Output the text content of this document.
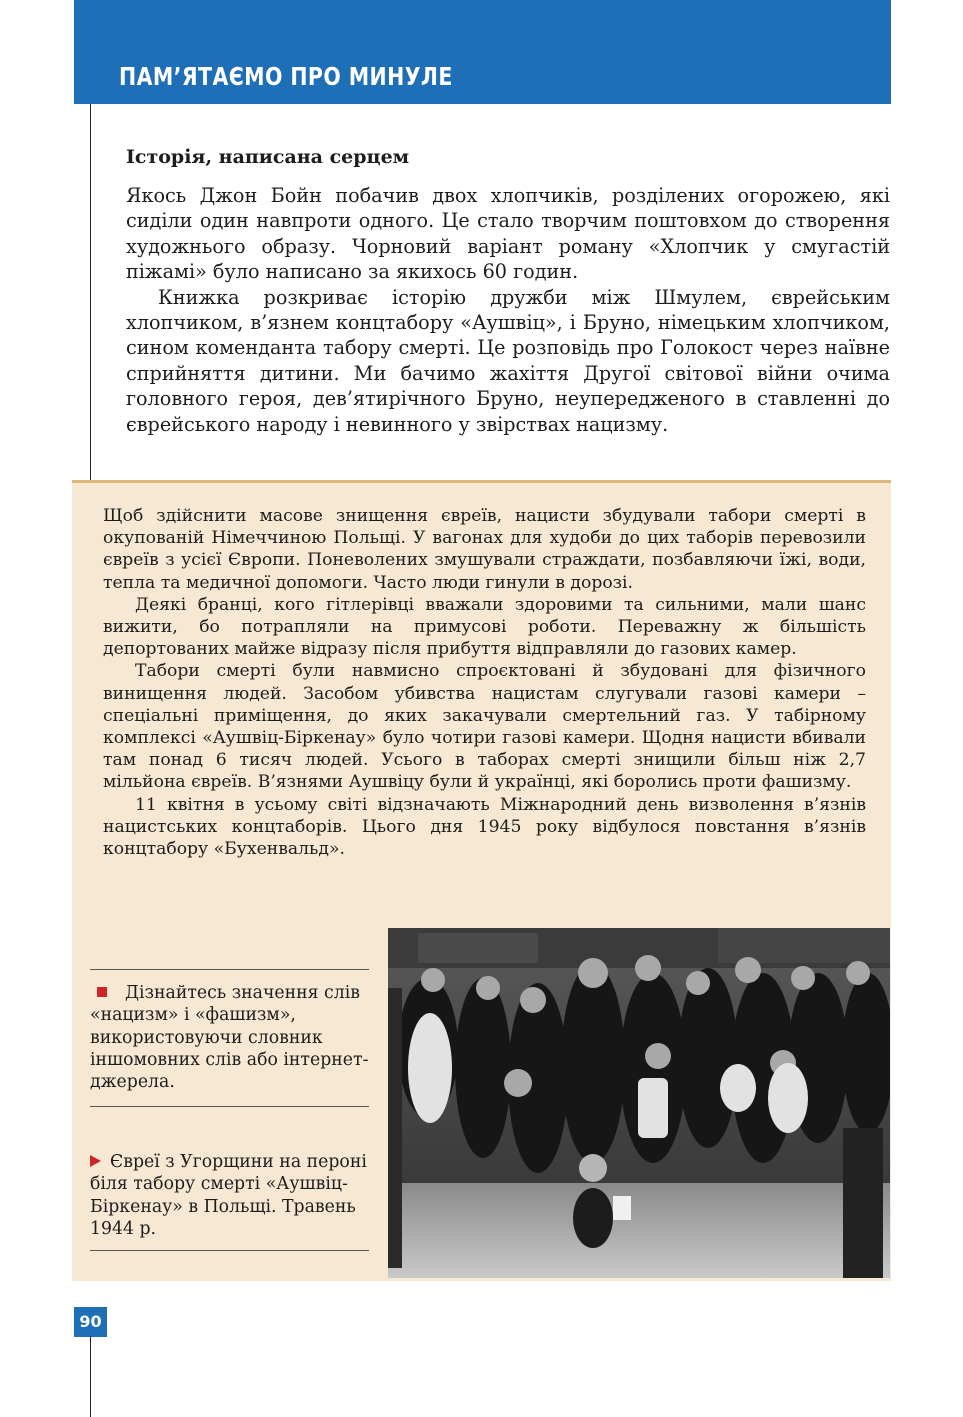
ПАМ’ЯТАЄМО ПРО МИНУЛЕ
Історія, написана серцем

Якось Джон Бойн побачив двох хлопчиків, розділених огорожею, які сиділи один навпроти одного. Це стало творчим поштовхом до створення художнього образу. Чорновий варіант роману «Хлопчик у смугастій піжамі» було написано за якихось 60 годин.

Книжка розкриває історію дружби між Шмулем, єврейським хлопчиком, в’язнем концтабору «Аушвіц», і Бруно, німецьким хлопчиком, сином коменданта табору смерті. Це розповідь про Голокост через наївне сприйняття дитини. Ми бачимо жахіття Другої світової війни очима головного героя, дев’ятирічного Бруно, неупередженого в ставленні до єврейського народу і невинного у звірствах нацизму.

Щоб здійснити масове знищення євреїв, нацисти збудували табори смерті в окупованій Німеччиною Польщі. У вагонах для худоби до цих таборів перевозили євреїв з усієї Європи. Поневолених змушували страждати, позбавляючи їжі, води, тепла та медичної допомоги. Часто люди гинули в дорозі.

Деякі бранці, кого гітлерівці вважали здоровими та сильними, мали шанс вижити, бо потрапляли на примусові роботи. Переважну ж більшість депортованих майже відразу після прибуття відправляли до газових камер.

Табори смерті були навмисно спроєктовані й збудовані для фізичного винищення людей. Засобом убивства нацистам слугували газові камери – спеціальні приміщення, до яких закачували смертельний газ. У табірному комплексі «Аушвіц-Біркенау» було чотири газові камери. Щодня нацисти вбивали там понад 6 тисяч людей. Усього в таборах смерті знищили більш ніж 2,7 мільйона євреїв. В’язнями Аушвіцу були й українці, які боролись проти фашизму.

11 квітня в усьому світі відзначають Міжнародний день визволення в’язнів нацистських концтаборів. Цього дня 1945 року відбулося повстання в’язнів концтабору «Бухенвальд».

Дізнайтесь значення слів «нацизм» і «фашизм», використовуючи словник іншомовних слів або інтернет-джерела.

Євреї з Угорщини на пероні біля табору смерті «Аушвіц-Біркенау» в Польщі. Травень 1944 р.

90
